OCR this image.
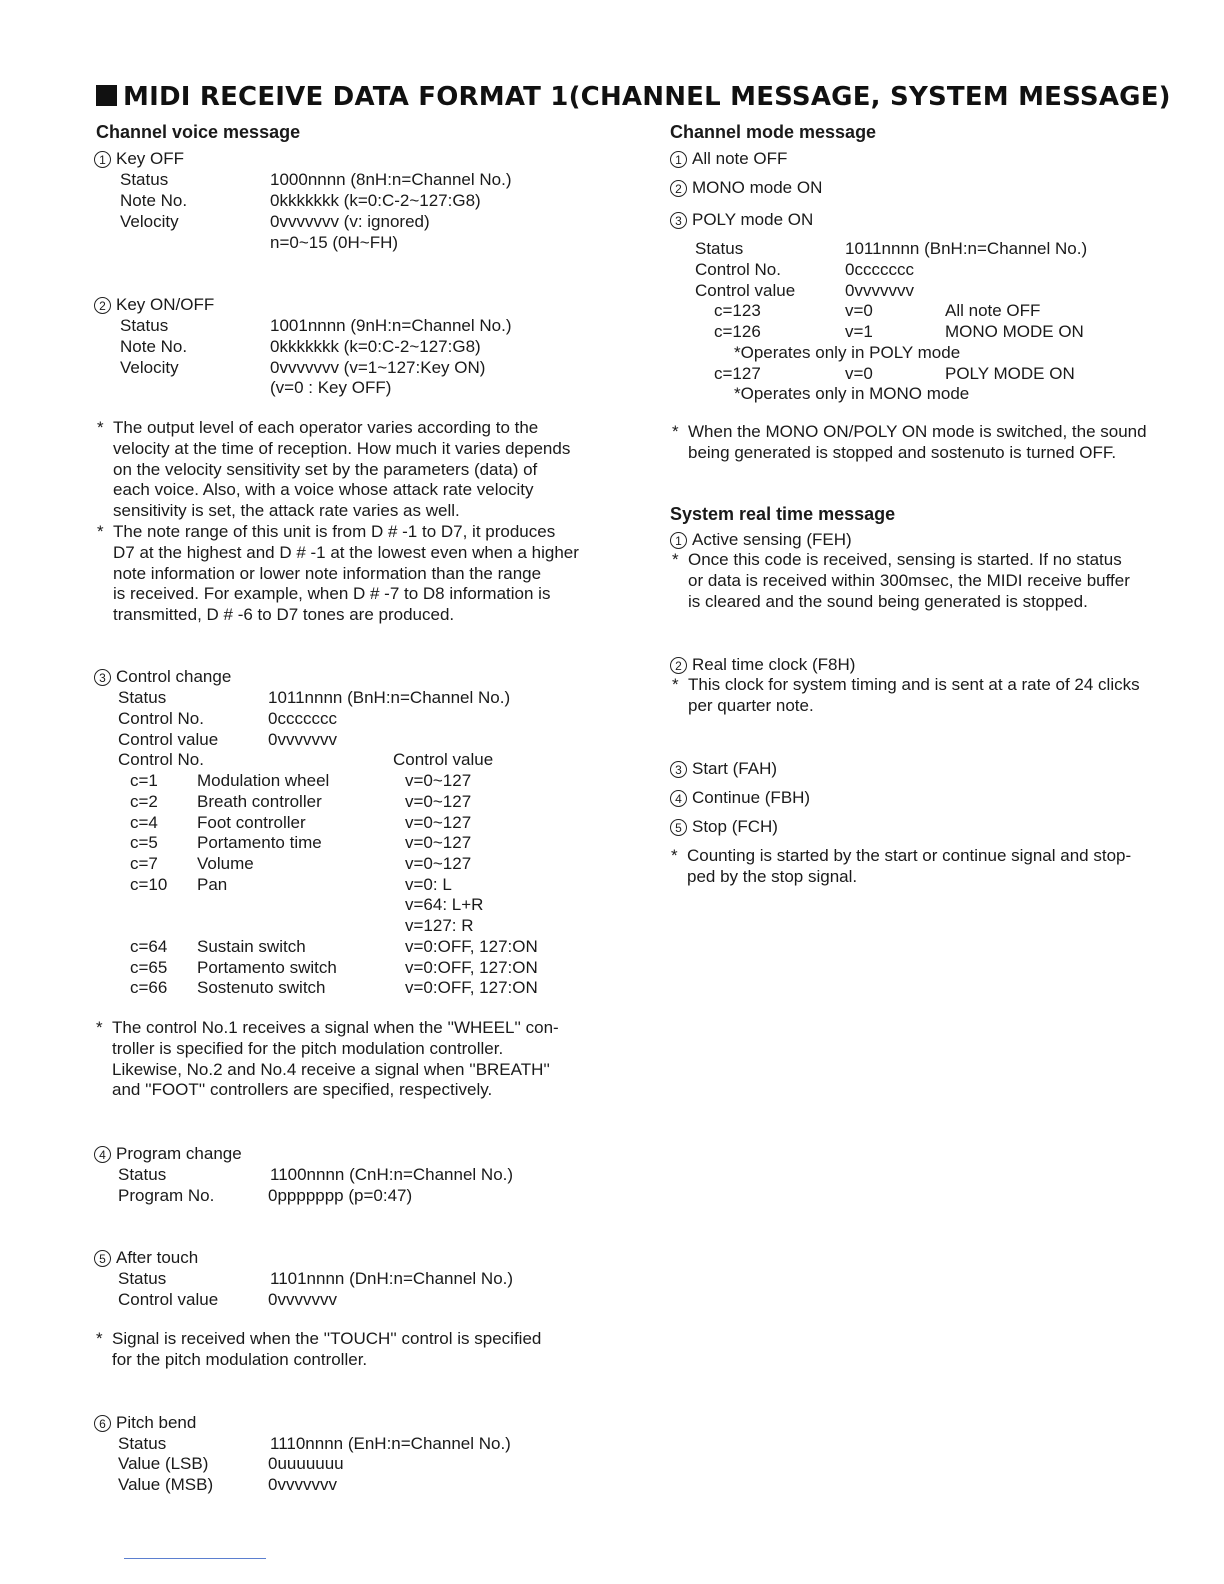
MIDI RECEIVE DATA FORMAT 1(CHANNEL MESSAGE, SYSTEM MESSAGE)
Channel voice message
1 Key OFF
Status	1000nnnn (8nH:n=Channel No.)
Note No.	0kkkkkkk (k=0:C-2~127:G8)
Velocity	0vvvvvvv (v: ignored)
n=0~15 (0H~FH)
2 Key ON/OFF
Status	1001nnnn (9nH:n=Channel No.)
Note No.	0kkkkkkk (k=0:C-2~127:G8)
Velocity	0vvvvvvv (v=1~127:Key ON)
(v=0 : Key OFF)
* The output level of each operator varies according to the
velocity at the time of reception. How much it varies depends
on the velocity sensitivity set by the parameters (data) of
each voice. Also, with a voice whose attack rate velocity
sensitivity is set, the attack rate varies as well.
* The note range of this unit is from D # -1 to D7, it produces
D7 at the highest and D # -1 at the lowest even when a higher
note information or lower note information than the range
is received. For example, when D # -7 to D8 information is
transmitted, D # -6 to D7 tones are produced.
3 Control change
Status	1011nnnn (BnH:n=Channel No.)
Control No.	0ccccccc
Control value	0vvvvvvv
Control No.	Control value
c=1 Modulation wheel	v=0~127
c=2 Breath controller	v=0~127
c=4 Foot controller	v=0~127
c=5 Portamento time	v=0~127
c=7 Volume	v=0~127
c=10 Pan	v=0: L
v=64: L+R
v=127: R
c=64 Sustain switch	v=0:OFF, 127:ON
c=65 Portamento switch	v=0:OFF, 127:ON
c=66 Sostenuto switch	v=0:OFF, 127:ON
* The control No.1 receives a signal when the ''WHEEL'' con-
troller is specified for the pitch modulation controller.
Likewise, No.2 and No.4 receive a signal when ''BREATH''
and ''FOOT'' controllers are specified, respectively.
4 Program change
Status	1100nnnn (CnH:n=Channel No.)
Program No.	0ppppppp (p=0:47)
5 After touch
Status	1101nnnn (DnH:n=Channel No.)
Control value	0vvvvvvv
* Signal is received when the ''TOUCH'' control is specified
for the pitch modulation controller.
6 Pitch bend
Status	1110nnnn (EnH:n=Channel No.)
Value (LSB)	0uuuuuuu
Value (MSB)	0vvvvvvv
Channel mode message
1 All note OFF
2 MONO mode ON
3 POLY mode ON
Status	1011nnnn (BnH:n=Channel No.)
Control No.	0ccccccc
Control value	0vvvvvvv
c=123	v=0	All note OFF
c=126	v=1	MONO MODE ON
*Operates only in POLY mode
c=127	v=0	POLY MODE ON
*Operates only in MONO mode
* When the MONO ON/POLY ON mode is switched, the sound
being generated is stopped and sostenuto is turned OFF.
System real time message
1 Active sensing (FEH)
* Once this code is received, sensing is started. If no status
or data is received within 300msec, the MIDI receive buffer
is cleared and the sound being generated is stopped.
2 Real time clock (F8H)
* This clock for system timing and is sent at a rate of 24 clicks
per quarter note.
3 Start (FAH)
4 Continue (FBH)
5 Stop (FCH)
* Counting is started by the start or continue signal and stop-
ped by the stop signal.
